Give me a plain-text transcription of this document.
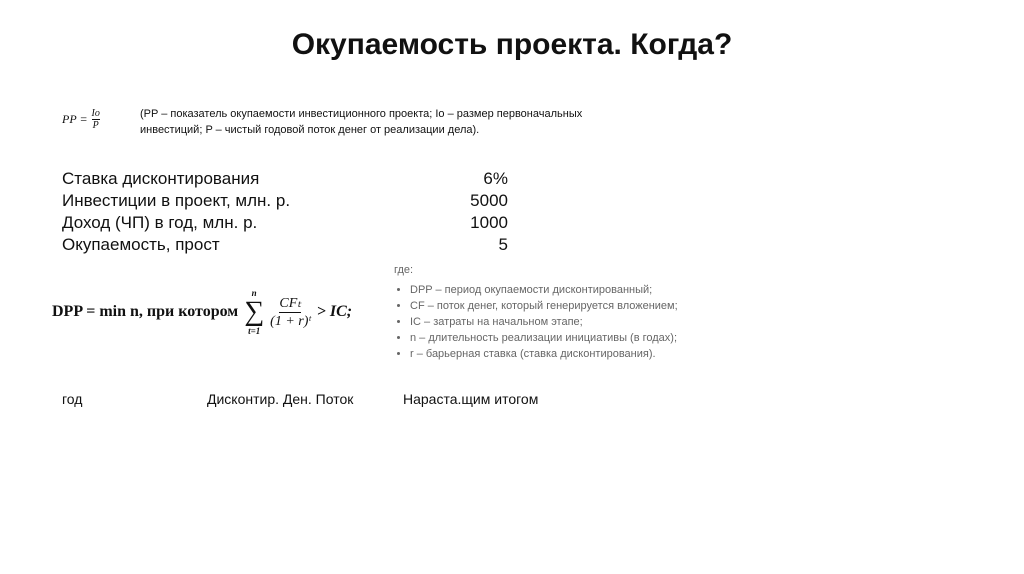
Окупаемость проекта. Когда?
PP = $\frac{Io}{P}$	(PP – показатель окупаемости инвестиционного проекта; Io – размер первоначальных инвестиций; P – чистый годовой поток денег от реализации дела).
Ставка дисконтирования	6%
Инвестиции в проект, млн. р.	5000
Доход (ЧП) в год, млн. р.	1000
Окупаемость, прост	5
DPP = min n, при котором
n
∑
t=1
CFₜ
(1 + r)ᵗ
> IC;
где:
• DPP – период окупаемости дисконтированный;
• CF – поток денег, который генерируется вложением;
• IC – затраты на начальном этапе;
• n – длительность реализации инициативы (в годах);
• r – барьерная ставка (ставка дисконтирования).
год	Дисконтир. Ден. Поток	Нараста.щим итогом
